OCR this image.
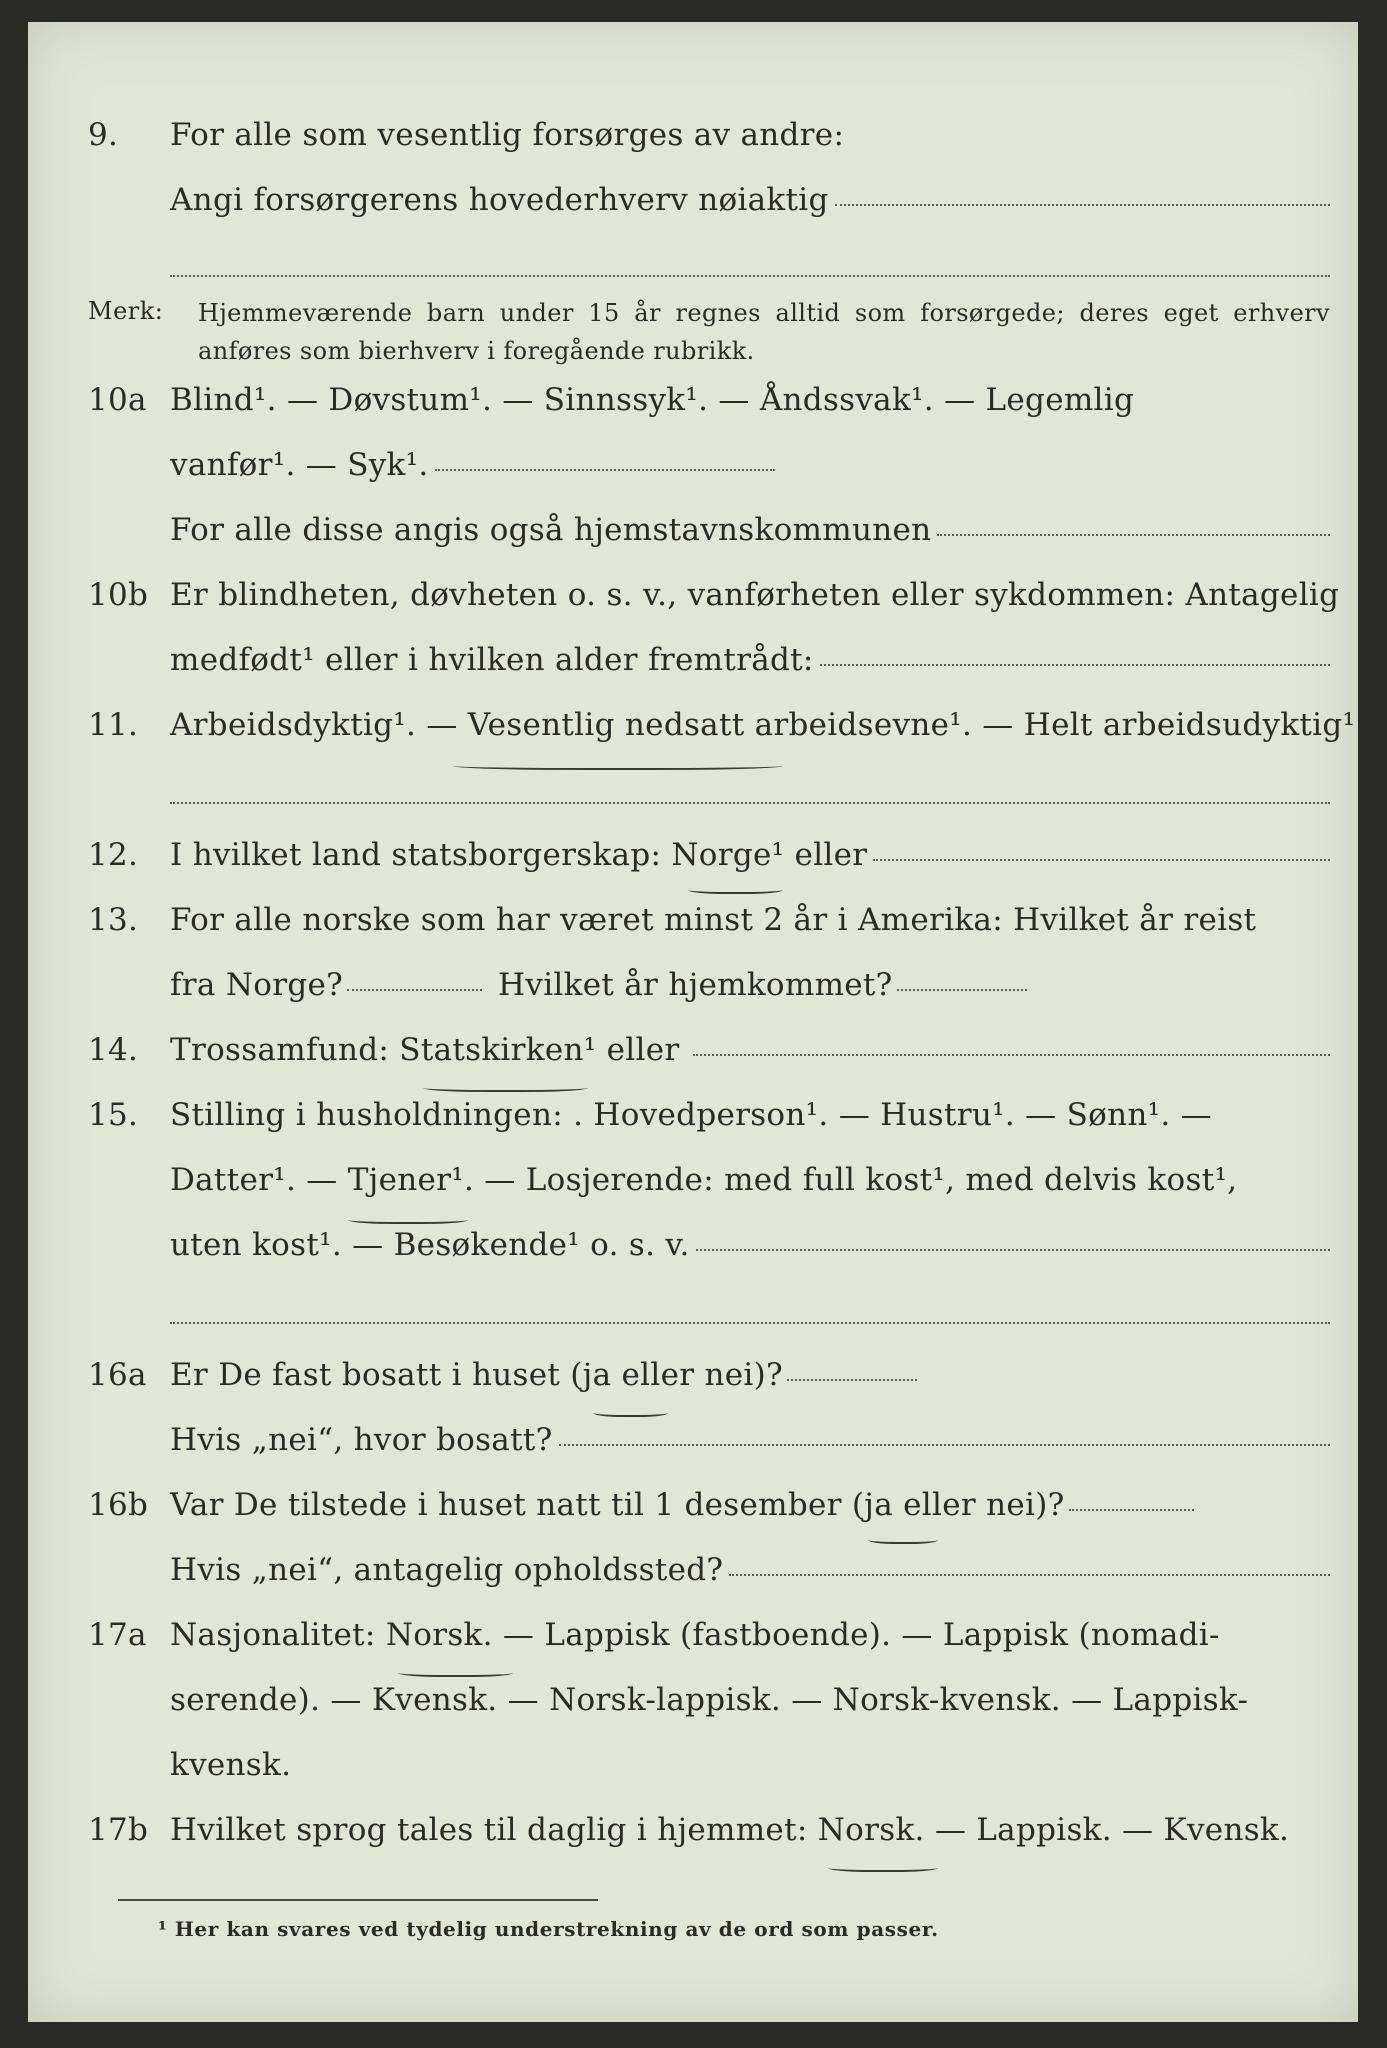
9.	For alle som vesentlig forsørges av andre:
Angi forsørgerens hovederhverv nøiaktig
Merk: Hjemmeværende barn under 15 år regnes alltid som forsørgede; deres eget erhverv anføres som bierhverv i foregående rubrikk.
10a Blind¹. — Døvstum¹. — Sinnssyk¹. — Åndssvak¹. — Legemlig
vanfør¹. — Syk¹.
For alle disse angis også hjemstavnskommunen
10b Er blindheten, døvheten o. s. v., vanførheten eller sykdommen: Antagelig
medfødt¹ eller i hvilken alder fremtrådt:
11.	Arbeidsdyktig¹. — Vesentlig nedsatt arbeidsevne¹. — Helt arbeidsudyktig¹.
12.	I hvilket land statsborgerskap: Norge¹ eller
13.	For alle norske som har været minst 2 år i Amerika: Hvilket år reist
fra Norge?	Hvilket år hjemkommet?
14.	Trossamfund: Statskirken¹ eller
15.	Stilling i husholdningen: . Hovedperson¹. — Hustru¹. — Sønn¹. —
Datter¹. — Tjener¹. — Losjerende: med full kost¹, med delvis kost¹,
uten kost¹. — Besøkende¹ o. s. v.
16a Er De fast bosatt i huset (ja eller nei)?
Hvis „nei“, hvor bosatt?
16b Var De tilstede i huset natt til 1 desember (ja eller nei)?
Hvis „nei“, antagelig opholdssted?
17a Nasjonalitet: Norsk. — Lappisk (fastboende). — Lappisk (nomadi-
serende). — Kvensk. — Norsk-lappisk. — Norsk-kvensk. — Lappisk-
kvensk.
17b Hvilket sprog tales til daglig i hjemmet: Norsk. — Lappisk. — Kvensk.
¹ Her kan svares ved tydelig understrekning av de ord som passer.
